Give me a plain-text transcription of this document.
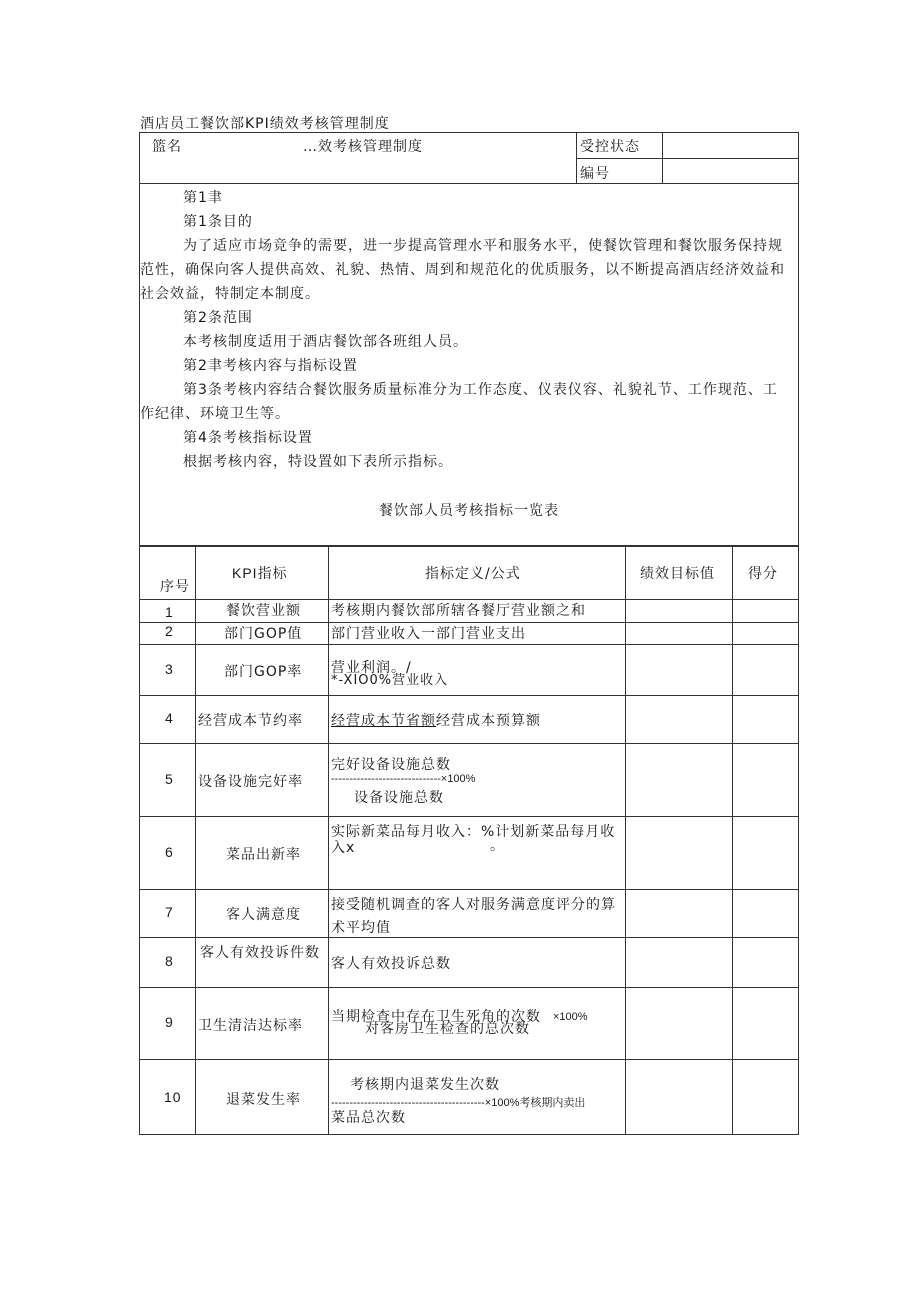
酒店员工餐饮部KPI绩效考核管理制度
篮名	…效考核管理制度	受控状态
编号
第1聿
第1条目的
为了适应市场竞争的需要，进一步提高管理水平和服务水平，使餐饮管理和餐饮服务保持规
范性，确保向客人提供高效、礼貌、热情、周到和规范化的优质服务，以不断提高酒店经济效益和
社会效益，特制定本制度。
第2条范围
本考核制度适用于酒店餐饮部各班组人员。
第2聿考核内容与指标设置
第3条考核内容结合餐饮服务质量标准分为工作态度、仪表仪容、礼貌礼节、工作现范、工
作纪律、环境卫生等。
第4条考核指标设置
根据考核内容，特设置如下表所示指标。
餐饮部人员考核指标一览表
序号
KPI指标	指标定义/公式	绩效目标值 得分
1	餐饮营业额 考核期内餐饮部所辖各餐厅营业额之和
2	部门GOP值 部门营业收入一部门营业支出
3	部门GOP率 营业利润。/
*-XIO0%营业收入
4 经营成本节约率 经营成本节省额 经营成本预算额
5 设备设施完好率
完好设备设施总数
------------------------------×100%
设备设施总数
6	菜品出新率
实际新菜品每月收入：%计划新菜品每月收
入x	。
7	客人满意度
接受随机调查的客人对服务满意度评分的算
术平均值
8 客人有效投诉件数
客人有效投诉总数
9 卫生清洁达标率
当期检查中存在卫生死角的次数 ×100%
对客房卫生检查的总次数
10	退菜发生率
考核期内退菜发生次数
------------------------------------------×100%考核期内卖出
菜品总次数
